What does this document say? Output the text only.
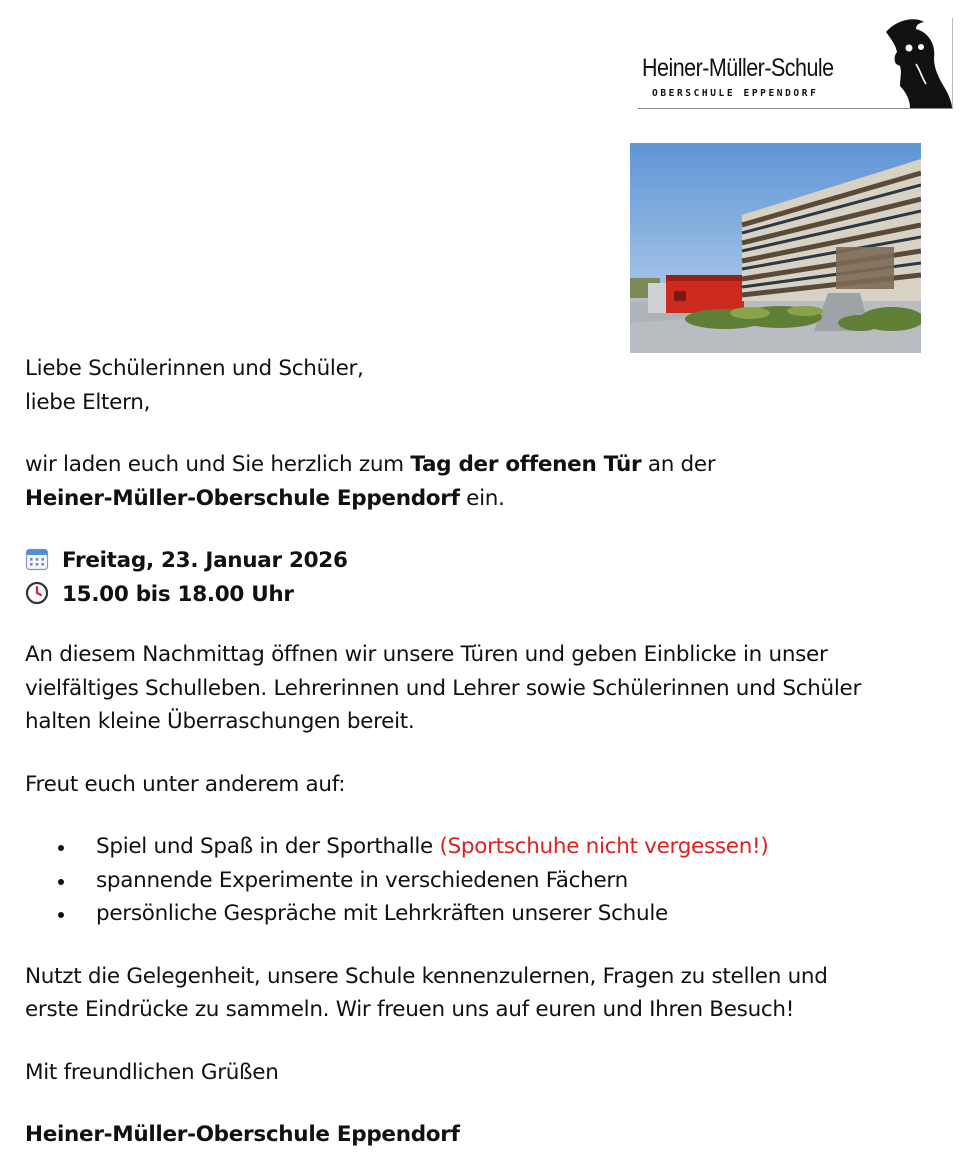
Heiner-Müller-Schule
OBERSCHULE EPPENDORF

Liebe Schülerinnen und Schüler,

liebe Eltern,

wir laden euch und Sie herzlich zum Tag der offenen Tür an der

Heiner-Müller-Oberschule Eppendorf ein.

Freitag, 23. Januar 2026

15.00 bis 18.00 Uhr

An diesem Nachmittag öffnen wir unsere Türen und geben Einblicke in unser

vielfältiges Schulleben. Lehrerinnen und Lehrer sowie Schülerinnen und Schüler

halten kleine Überraschungen bereit.

Freut euch unter anderem auf:

Spiel und Spaß in der Sporthalle (Sportschuhe nicht vergessen!)
spannende Experimente in verschiedenen Fächern
persönliche Gespräche mit Lehrkräften unserer Schule

Nutzt die Gelegenheit, unsere Schule kennenzulernen, Fragen zu stellen und

erste Eindrücke zu sammeln. Wir freuen uns auf euren und Ihren Besuch!

Mit freundlichen Grüßen

Heiner-Müller-Oberschule Eppendorf
